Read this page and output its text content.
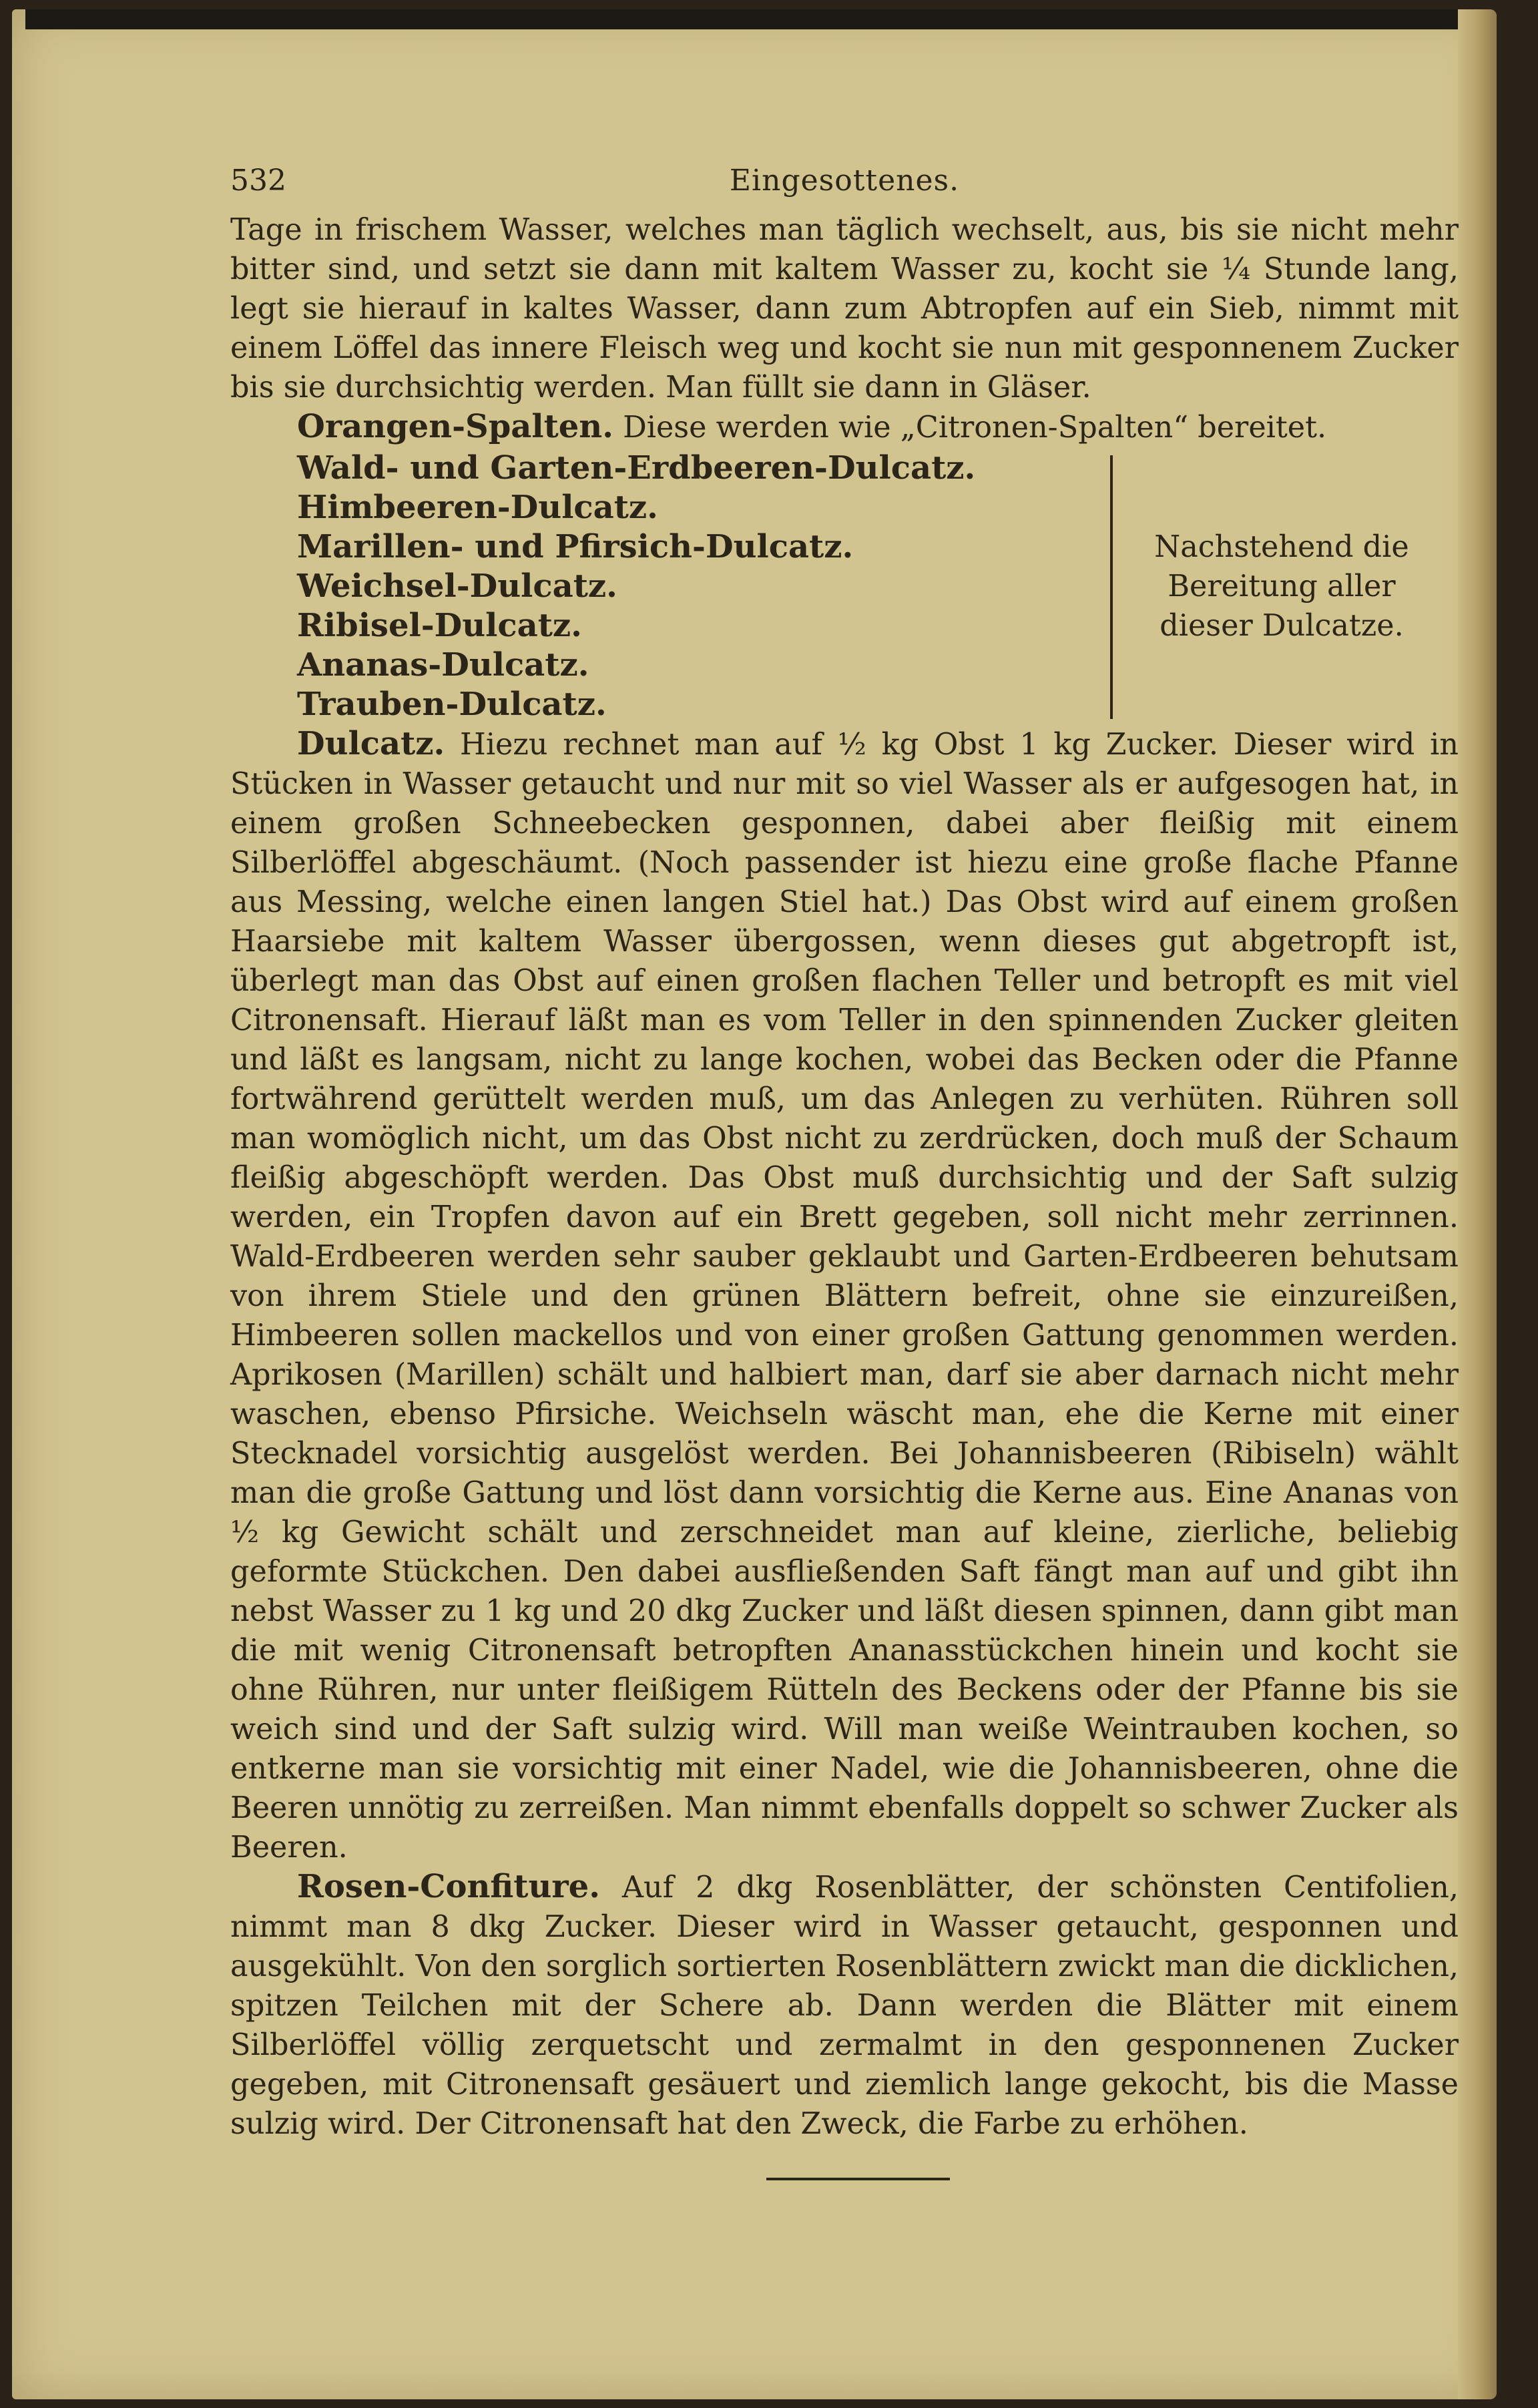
532	Eingesottenes.

Tage in frischem Wasser, welches man täglich wechselt, aus, bis sie nicht mehr bitter sind, und setzt sie dann mit kaltem Wasser zu, kocht sie ¼ Stunde lang, legt sie hierauf in kaltes Wasser, dann zum Abtropfen auf ein Sieb, nimmt mit einem Löffel das innere Fleisch weg und kocht sie nun mit gesponnenem Zucker bis sie durchsichtig werden. Man füllt sie dann in Gläser.

Orangen-Spalten. Diese werden wie „Citronen-Spalten“ bereitet.

Wald- und Garten-Erdbeeren-Dulcatz.
Himbeeren-Dulcatz.
Marillen- und Pfirsich-Dulcatz.
Weichsel-Dulcatz.
Ribisel-Dulcatz.
Ananas-Dulcatz.
Trauben-Dulcatz.
Nachstehend die Bereitung aller dieser Dulcatze.

Dulcatz. Hiezu rechnet man auf ½ kg Obst 1 kg Zucker. Dieser wird in Stücken in Wasser getaucht und nur mit so viel Wasser als er aufgesogen hat, in einem großen Schneebecken gesponnen, dabei aber fleißig mit einem Silberlöffel abgeschäumt. (Noch passender ist hiezu eine große flache Pfanne aus Messing, welche einen langen Stiel hat.) Das Obst wird auf einem großen Haarsiebe mit kaltem Wasser übergossen, wenn dieses gut abgetropft ist, überlegt man das Obst auf einen großen flachen Teller und betropft es mit viel Citronensaft. Hierauf läßt man es vom Teller in den spinnenden Zucker gleiten und läßt es langsam, nicht zu lange kochen, wobei das Becken oder die Pfanne fortwährend gerüttelt werden muß, um das Anlegen zu verhüten. Rühren soll man womöglich nicht, um das Obst nicht zu zerdrücken, doch muß der Schaum fleißig abgeschöpft werden. Das Obst muß durchsichtig und der Saft sulzig werden, ein Tropfen davon auf ein Brett gegeben, soll nicht mehr zerrinnen. Wald-Erdbeeren werden sehr sauber geklaubt und Garten-Erdbeeren behutsam von ihrem Stiele und den grünen Blättern befreit, ohne sie einzureißen, Himbeeren sollen mackellos und von einer großen Gattung genommen werden. Aprikosen (Marillen) schält und halbiert man, darf sie aber darnach nicht mehr waschen, ebenso Pfirsiche. Weichseln wäscht man, ehe die Kerne mit einer Stecknadel vorsichtig ausgelöst werden. Bei Johannisbeeren (Ribiseln) wählt man die große Gattung und löst dann vorsichtig die Kerne aus. Eine Ananas von ½ kg Gewicht schält und zerschneidet man auf kleine, zierliche, beliebig geformte Stückchen. Den dabei ausfließenden Saft fängt man auf und gibt ihn nebst Wasser zu 1 kg und 20 dkg Zucker und läßt diesen spinnen, dann gibt man die mit wenig Citronensaft betropften Ananasstückchen hinein und kocht sie ohne Rühren, nur unter fleißigem Rütteln des Beckens oder der Pfanne bis sie weich sind und der Saft sulzig wird. Will man weiße Weintrauben kochen, so entkerne man sie vorsichtig mit einer Nadel, wie die Johannisbeeren, ohne die Beeren unnötig zu zerreißen. Man nimmt ebenfalls doppelt so schwer Zucker als Beeren.

Rosen-Confiture. Auf 2 dkg Rosenblätter, der schönsten Centifolien, nimmt man 8 dkg Zucker. Dieser wird in Wasser getaucht, gesponnen und ausgekühlt. Von den sorglich sortierten Rosenblättern zwickt man die dicklichen, spitzen Teilchen mit der Schere ab. Dann werden die Blätter mit einem Silberlöffel völlig zerquetscht und zermalmt in den gesponnenen Zucker gegeben, mit Citronensaft gesäuert und ziemlich lange gekocht, bis die Masse sulzig wird. Der Citronensaft hat den Zweck, die Farbe zu erhöhen.
